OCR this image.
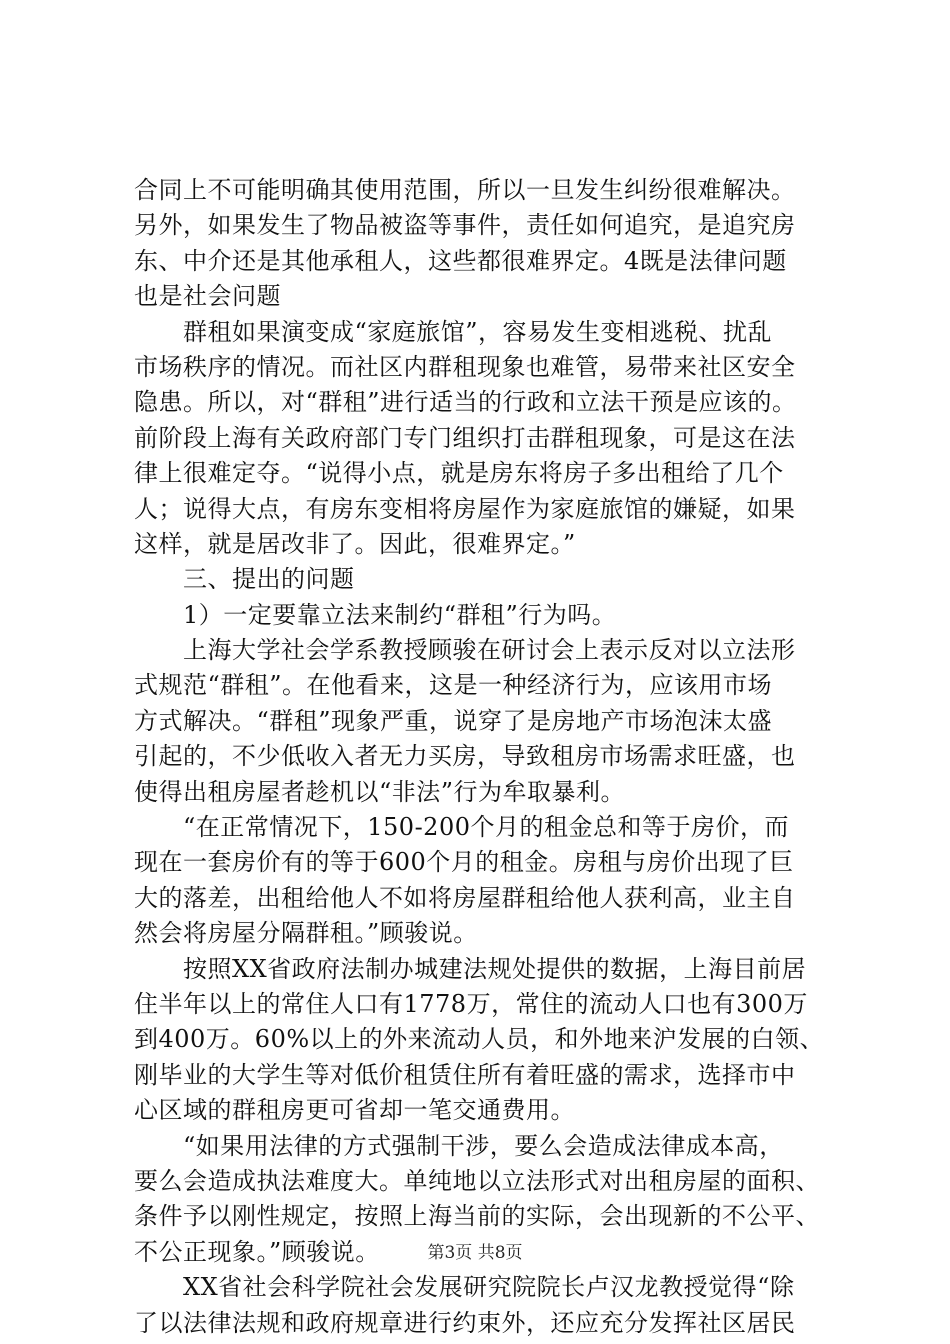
合同上不可能明确其使用范围，所以一旦发生纠纷很难解决。
另外，如果发生了物品被盗等事件，责任如何追究，是追究房
东、中介还是其他承租人，这些都很难界定。4既是法律问题
也是社会问题
　　群租如果演变成“家庭旅馆”，容易发生变相逃税、扰乱
市场秩序的情况。而社区内群租现象也难管，易带来社区安全
隐患。所以，对“群租”进行适当的行政和立法干预是应该的。
前阶段上海有关政府部门专门组织打击群租现象，可是这在法
律上很难定夺。“说得小点，就是房东将房子多出租给了几个
人；说得大点，有房东变相将房屋作为家庭旅馆的嫌疑，如果
这样，就是居改非了。因此，很难界定。”
　　三、提出的问题
　　1）一定要靠立法来制约“群租”行为吗。
　　上海大学社会学系教授顾骏在研讨会上表示反对以立法形
式规范“群租”。在他看来，这是一种经济行为，应该用市场
方式解决。“群租”现象严重，说穿了是房地产市场泡沫太盛
引起的，不少低收入者无力买房，导致租房市场需求旺盛，也
使得出租房屋者趁机以“非法”行为牟取暴利。
　　“在正常情况下，150-200个月的租金总和等于房价，而
现在一套房价有的等于600个月的租金。房租与房价出现了巨
大的落差，出租给他人不如将房屋群租给他人获利高，业主自
然会将房屋分隔群租。”顾骏说。
　　按照XX省政府法制办城建法规处提供的数据，上海目前居
住半年以上的常住人口有1778万，常住的流动人口也有300万
到400万。60%以上的外来流动人员，和外地来沪发展的白领、
刚毕业的大学生等对低价租赁住所有着旺盛的需求，选择市中
心区域的群租房更可省却一笔交通费用。
　　“如果用法律的方式强制干涉，要么会造成法律成本高，
要么会造成执法难度大。单纯地以立法形式对出租房屋的面积、
条件予以刚性规定，按照上海当前的实际，会出现新的不公平、
不公正现象。”顾骏说。
　　XX省社会科学院社会发展研究院院长卢汉龙教授觉得“除
了以法律法规和政府规章进行约束外，还应充分发挥社区居民
第3页 共8页
